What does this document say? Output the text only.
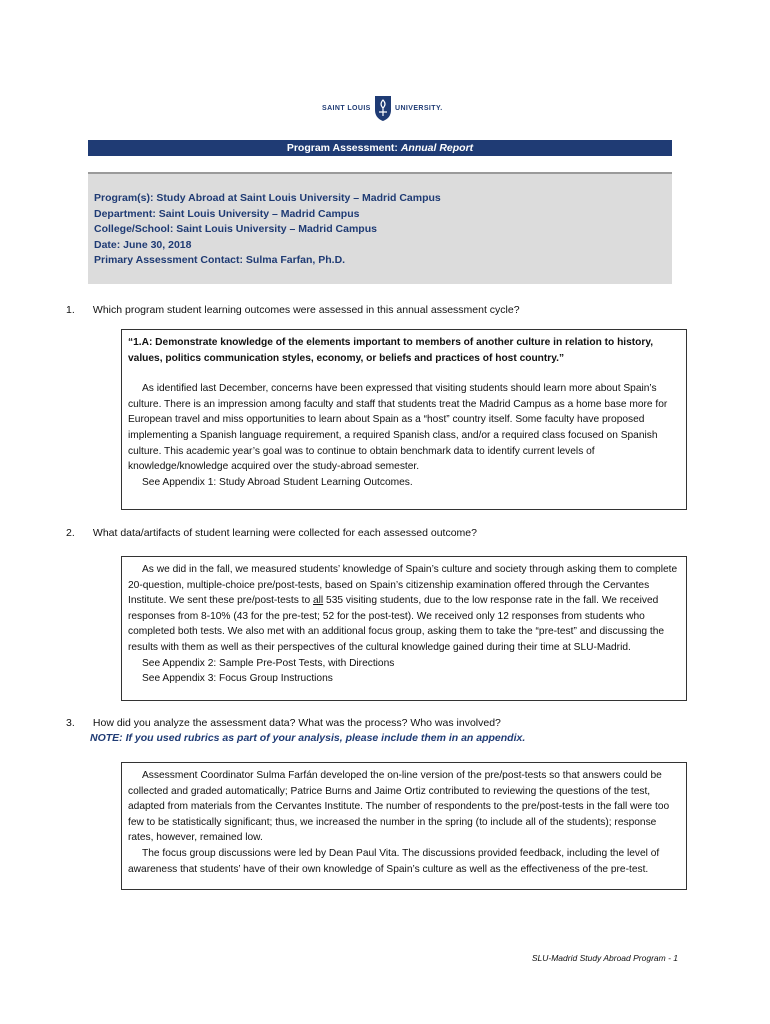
SAINT LOUIS	UNIVERSITY.
Program Assessment: Annual Report
Program(s): Study Abroad at Saint Louis University – Madrid Campus
Department: Saint Louis University – Madrid Campus
College/School: Saint Louis University – Madrid Campus
Date: June 30, 2018
Primary Assessment Contact: Sulma Farfan, Ph.D.
1. Which program student learning outcomes were assessed in this annual assessment cycle?

“1.A: Demonstrate knowledge of the elements important to members of another culture in relation to history, values, politics communication styles, economy, or beliefs and practices of host country.”

As identified last December, concerns have been expressed that visiting students should learn more about Spain’s culture. There is an impression among faculty and staff that students treat the Madrid Campus as a home base more for European travel and miss opportunities to learn about Spain as a “host” country itself. Some faculty have proposed implementing a Spanish language requirement, a required Spanish class, and/or a required class focused on Spanish culture. This academic year’s goal was to continue to obtain benchmark data to identify current levels of knowledge/knowledge acquired over the study-abroad semester.

See Appendix 1: Study Abroad Student Learning Outcomes.

2. What data/artifacts of student learning were collected for each assessed outcome?

As we did in the fall, we measured students’ knowledge of Spain’s culture and society through asking them to complete 20-question, multiple-choice pre/post-tests, based on Spain’s citizenship examination offered through the Cervantes Institute. We sent these pre/post-tests to all 535 visiting students, due to the low response rate in the fall. We received responses from 8-10% (43 for the pre-test; 52 for the post-test). We received only 12 responses from students who completed both tests. We also met with an additional focus group, asking them to take the “pre-test” and discussing the results with them as well as their perspectives of the cultural knowledge gained during their time at SLU-Madrid.

See Appendix 2: Sample Pre-Post Tests, with Directions

See Appendix 3: Focus Group Instructions

3. How did you analyze the assessment data? What was the process? Who was involved?
NOTE: If you used rubrics as part of your analysis, please include them in an appendix.

Assessment Coordinator Sulma Farfán developed the on-line version of the pre/post-tests so that answers could be collected and graded automatically; Patrice Burns and Jaime Ortiz contributed to reviewing the questions of the test, adapted from materials from the Cervantes Institute. The number of respondents to the pre/post-tests in the fall were too few to be statistically significant; thus, we increased the number in the spring (to include all of the students); response rates, however, remained low.

The focus group discussions were led by Dean Paul Vita. The discussions provided feedback, including the level of awareness that students’ have of their own knowledge of Spain’s culture as well as the effectiveness of the pre-test.

SLU-Madrid Study Abroad Program - 1
